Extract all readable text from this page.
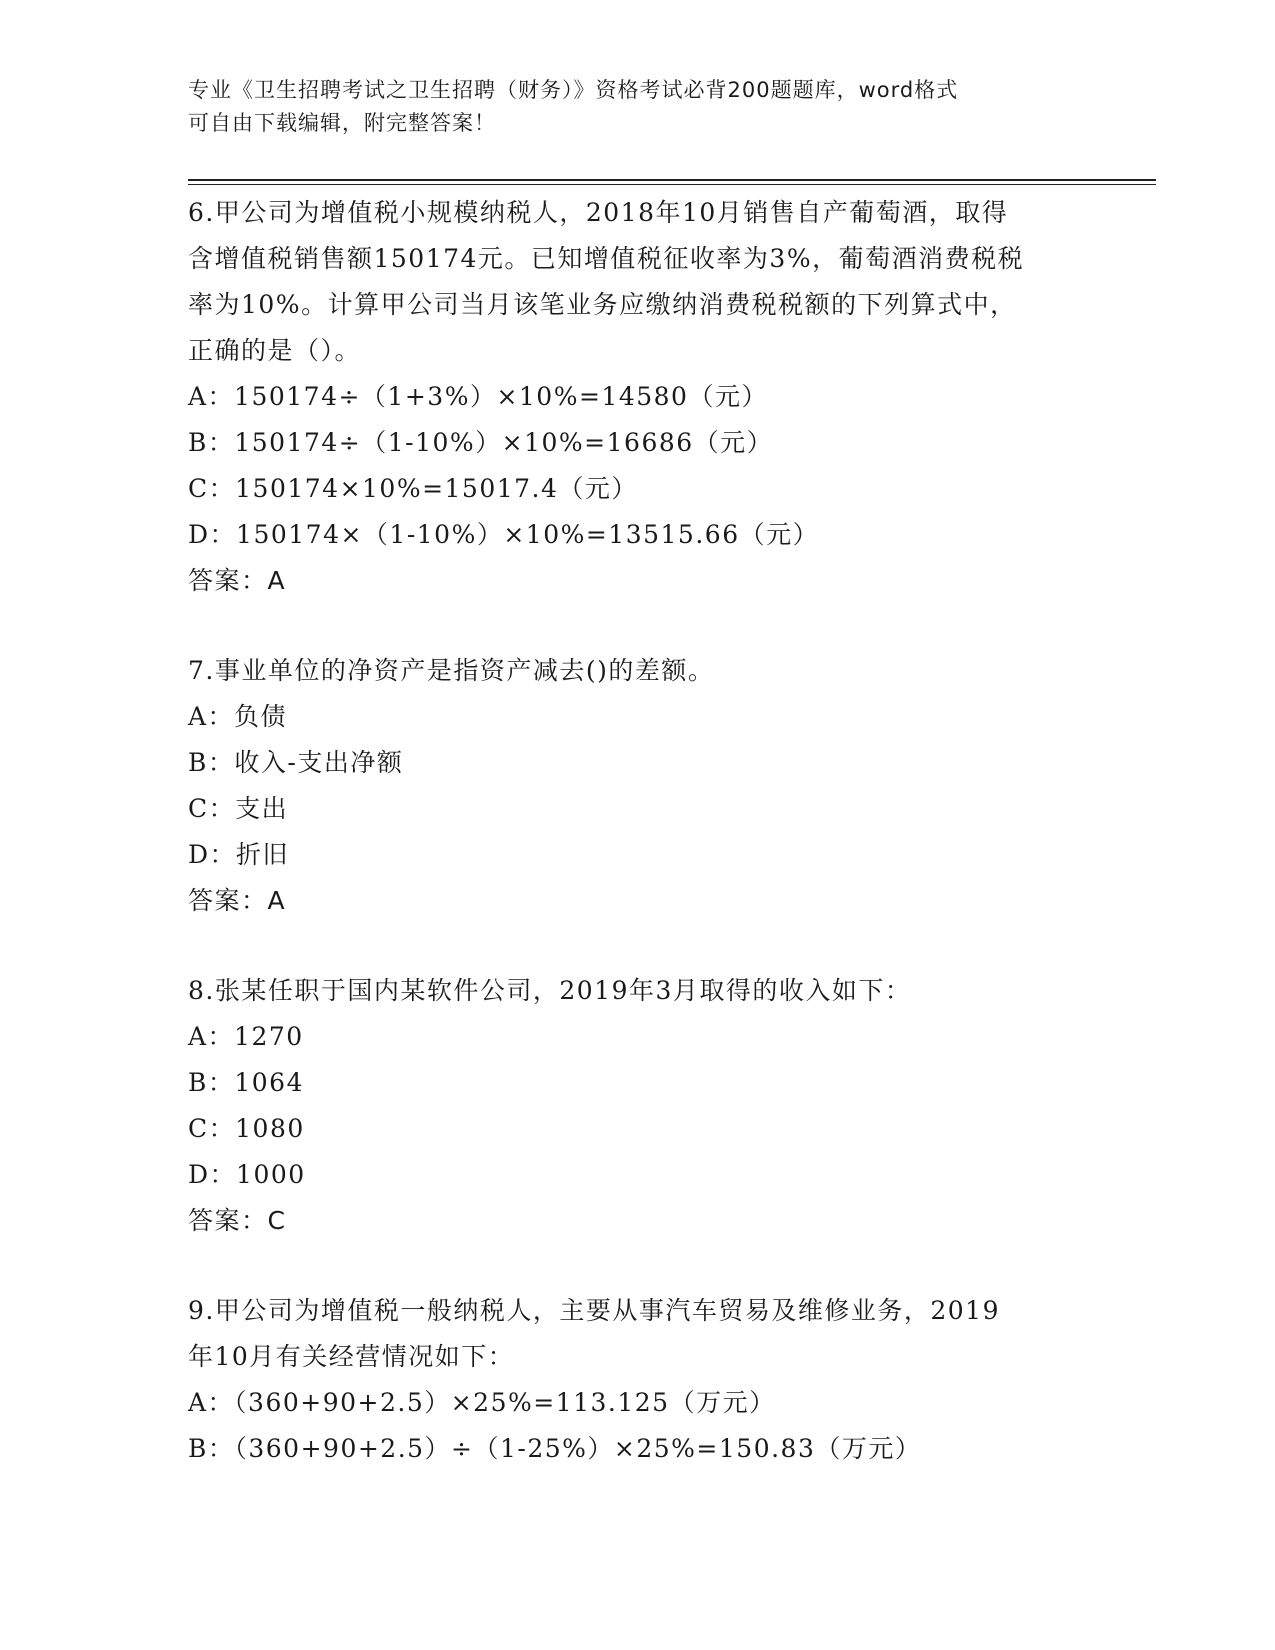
专业《卫生招聘考试之卫生招聘（财务）》资格考试必背200题题库，word格式
可自由下载编辑，附完整答案！
6.甲公司为增值税小规模纳税人，2018年10月销售自产葡萄酒，取得
含增值税销售额150174元。已知增值税征收率为3%，葡萄酒消费税税
率为10%。计算甲公司当月该笔业务应缴纳消费税税额的下列算式中，
正确的是（）。
A：150174÷（1+3%）×10%=14580（元）
B：150174÷（1-10%）×10%=16686（元）
C：150174×10%=15017.4（元）
D：150174×（1-10%）×10%=13515.66（元）
答案：A
7.事业单位的净资产是指资产减去()的差额。
A：负债
B：收入-支出净额
C：支出
D：折旧
答案：A
8.张某任职于国内某软件公司，2019年3月取得的收入如下：
A：1270
B：1064
C：1080
D：1000
答案：C
9.甲公司为增值税一般纳税人，主要从事汽车贸易及维修业务，2019
年10月有关经营情况如下：
A：（360+90+2.5）×25%=113.125（万元）
B：（360+90+2.5）÷（1-25%）×25%=150.83（万元）
